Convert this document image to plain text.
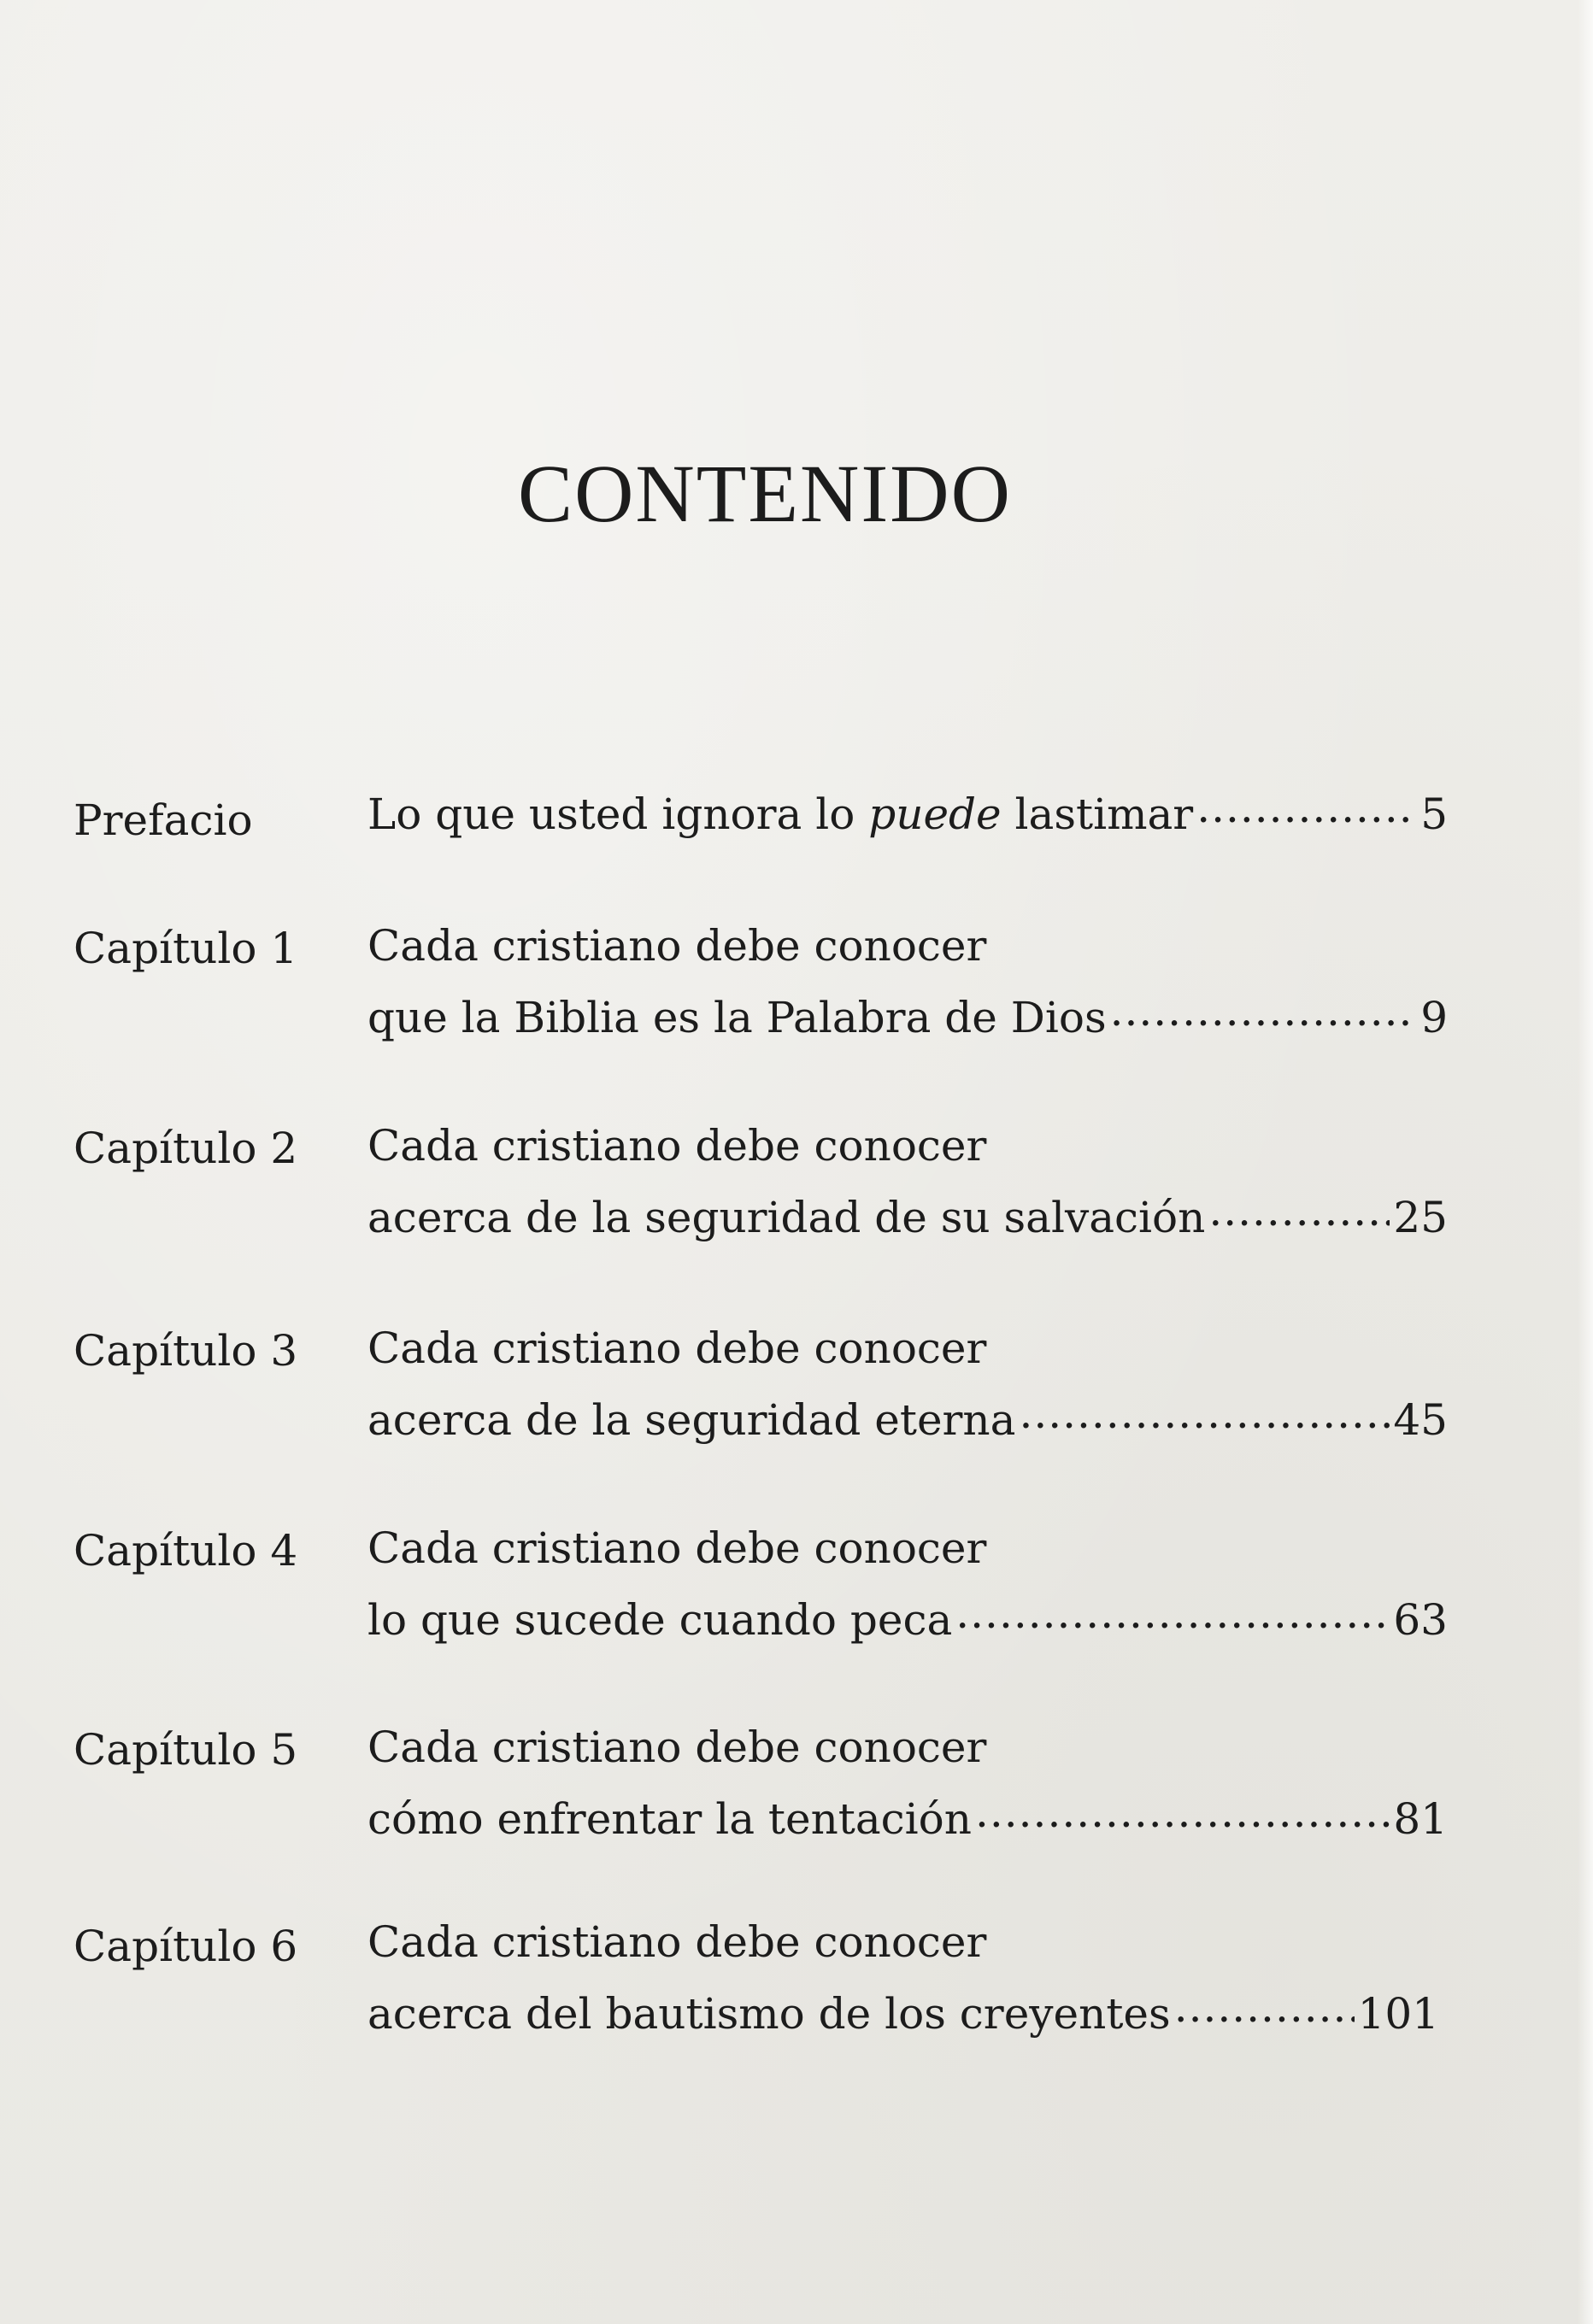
CONTENIDO
Prefacio	Lo que usted ignora lo puede lastimar .....	5
Capítulo 1 Cada cristiano debe conocer
que la Biblia es la Palabra de Dios .....	9
Capítulo 2 Cada cristiano debe conocer
acerca de la seguridad de su salvación .....	25
Capítulo 3 Cada cristiano debe conocer
acerca de la seguridad eterna .....	45
Capítulo 4 Cada cristiano debe conocer
lo que sucede cuando peca .....	63
Capítulo 5 Cada cristiano debe conocer
cómo enfrentar la tentación .....	81
Capítulo 6 Cada cristiano debe conocer
acerca del bautismo de los creyentes .....	101
